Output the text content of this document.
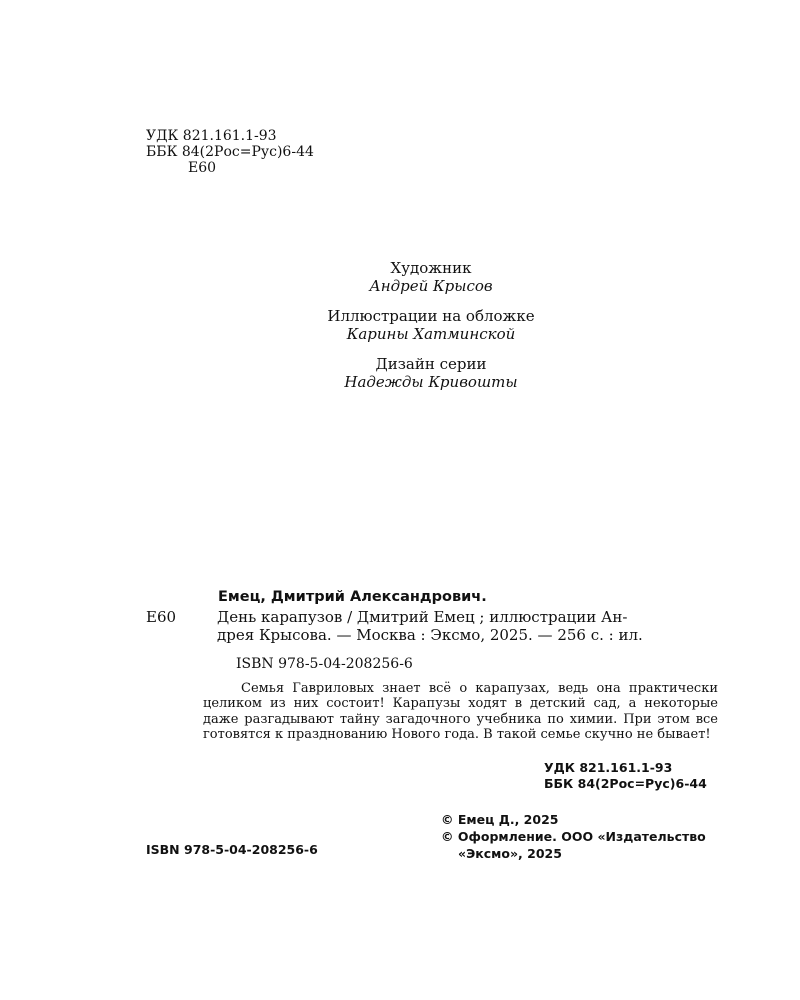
УДК 821.161.1-93
ББК 84(2Рос=Рус)6-44
Е60
Художник
Андрей Крысов
Иллюстрации на обложке
Карины Хатминской
Дизайн серии
Надежды Кривошты
Емец, Дмитрий Александрович.
Е60	День карапузов / Дмитрий Емец ; иллюстрации Ан-
дрея Крысова. — Москва : Эксмо, 2025. — 256 с. : ил.
ISBN 978-5-04-208256-6
Семья Гавриловых знает всё о карапузах, ведь она практически целиком из них состоит! Карапузы ходят в детский сад, а некоторые даже разгадывают тайну загадочного учебника по химии. При этом все готовятся к празднованию Нового года. В такой семье скучно не бывает!
УДК 821.161.1-93
ББК 84(2Рос=Рус)6-44
© Емец Д., 2025
© Оформление. ООО «Издательство
«Эксмо», 2025
ISBN 978-5-04-208256-6
